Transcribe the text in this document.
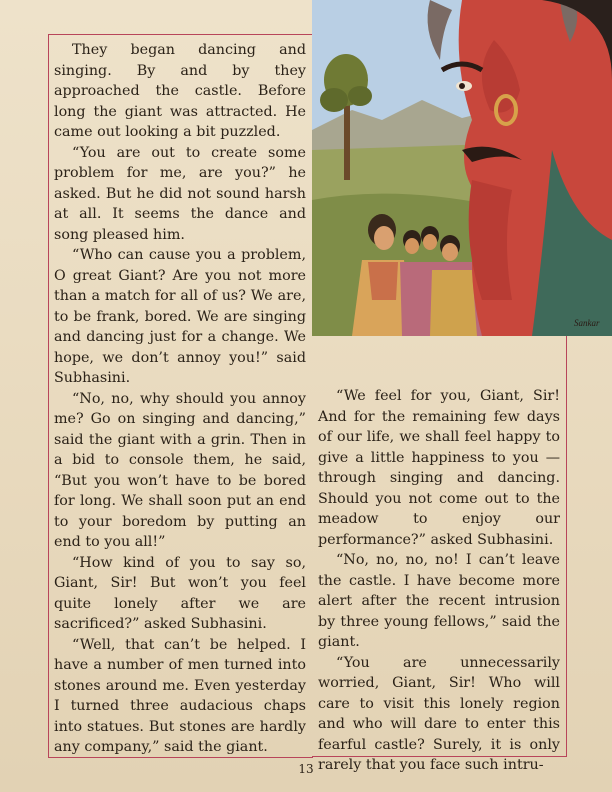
They began dancing and singing. By and by they approached the castle. Before long the giant was attracted. He came out looking a bit puzzled.

“You are out to create some problem for me, are you?” he asked. But he did not sound harsh at all. It seems the dance and song pleased him.

“Who can cause you a problem, O great Giant? Are you not more than a match for all of us? We are, to be frank, bored. We are singing and dancing just for a change. We hope, we don’t annoy you!” said Subhasini.

“No, no, why should you annoy me? Go on singing and dancing,” said the giant with a grin. Then in a bid to console them, he said, “But you won’t have to be bored for long. We shall soon put an end to your boredom by putting an end to you all!”

“How kind of you to say so, Giant, Sir! But won’t you feel quite lonely after we are sacrificed?” asked Subhasini.

“Well, that can’t be helped. I have a number of men turned into stones around me. Even yesterday I turned three audacious chaps into statues. But stones are hardly any company,” said the giant.

Sankar

“We feel for you, Giant, Sir! And for the remaining few days of our life, we shall feel happy to give a little happiness to you —through singing and dancing. Should you not come out to the meadow to enjoy our performance?” asked Subhasini.

“No, no, no, no! I can’t leave the castle. I have become more alert after the recent intrusion by three young fellows,” said the giant.

“You are unnecessarily worried, Giant, Sir! Who will care to visit this lonely region and who will dare to enter this fearful castle? Surely, it is only rarely that you face such intru-

13
